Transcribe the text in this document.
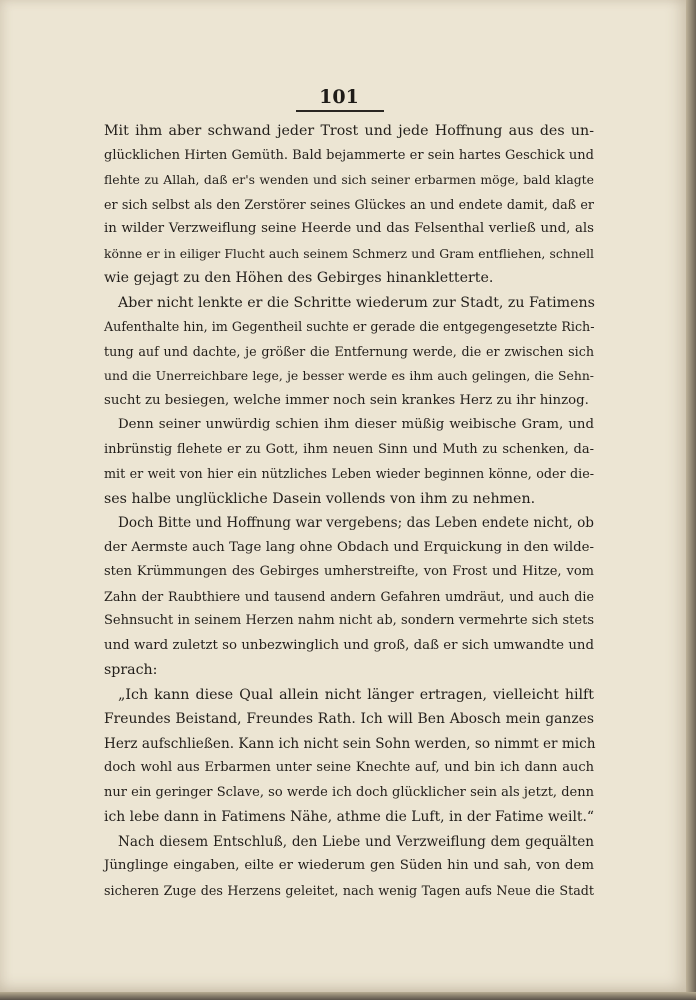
101
Mit ihm aber schwand jeder Trost und jede Hoffnung aus des un-
glücklichen Hirten Gemüth. Bald bejammerte er sein hartes Geschick und
flehte zu Allah, daß er's wenden und sich seiner erbarmen möge, bald klagte
er sich selbst als den Zerstörer seines Glückes an und endete damit, daß er
in wilder Verzweiflung seine Heerde und das Felsenthal verließ und, als
könne er in eiliger Flucht auch seinem Schmerz und Gram entfliehen, schnell
wie gejagt zu den Höhen des Gebirges hinankletterte.
Aber nicht lenkte er die Schritte wiederum zur Stadt, zu Fatimens
Aufenthalte hin, im Gegentheil suchte er gerade die entgegengesetzte Rich-
tung auf und dachte, je größer die Entfernung werde, die er zwischen sich
und die Unerreichbare lege, je besser werde es ihm auch gelingen, die Sehn-
sucht zu besiegen, welche immer noch sein krankes Herz zu ihr hinzog.
Denn seiner unwürdig schien ihm dieser müßig weibische Gram, und
inbrünstig flehete er zu Gott, ihm neuen Sinn und Muth zu schenken, da-
mit er weit von hier ein nützliches Leben wieder beginnen könne, oder die-
ses halbe unglückliche Dasein vollends von ihm zu nehmen.
Doch Bitte und Hoffnung war vergebens; das Leben endete nicht, ob
der Aermste auch Tage lang ohne Obdach und Erquickung in den wilde-
sten Krümmungen des Gebirges umherstreifte, von Frost und Hitze, vom
Zahn der Raubthiere und tausend andern Gefahren umdräut, und auch die
Sehnsucht in seinem Herzen nahm nicht ab, sondern vermehrte sich stets
und ward zuletzt so unbezwinglich und groß, daß er sich umwandte und
sprach:
„Ich kann diese Qual allein nicht länger ertragen, vielleicht hilft
Freundes Beistand, Freundes Rath. Ich will Ben Abosch mein ganzes
Herz aufschließen. Kann ich nicht sein Sohn werden, so nimmt er mich
doch wohl aus Erbarmen unter seine Knechte auf, und bin ich dann auch
nur ein geringer Sclave, so werde ich doch glücklicher sein als jetzt, denn
ich lebe dann in Fatimens Nähe, athme die Luft, in der Fatime weilt.“
Nach diesem Entschluß, den Liebe und Verzweiflung dem gequälten
Jünglinge eingaben, eilte er wiederum gen Süden hin und sah, von dem
sicheren Zuge des Herzens geleitet, nach wenig Tagen aufs Neue die Stadt
